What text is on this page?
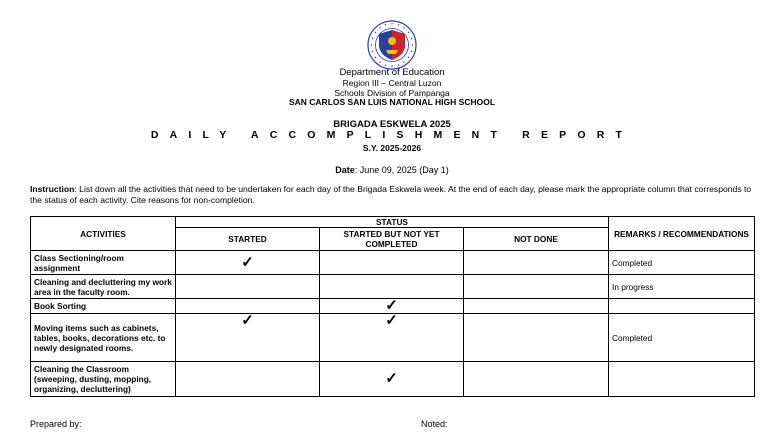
Department of Education
Region III – Central Luzon
Schools Division of Pampanga
SAN CARLOS SAN LUIS NATIONAL HIGH SCHOOL
BRIGADA ESKWELA 2025
DAILY ACCOMPLISHMENT REPORT
S.Y. 2025-2026
Date: June 09, 2025 (Day 1)
Instruction: List down all the activities that need to be undertaken for each day of the Brigada Eskwela week. At the end of each day, please mark the appropriate column that corresponds to the status of each activity. Cite reasons for non-completion.
ACTIVITIES	STATUS			REMARKS / RECOMMENDATIONS
	STARTED	STARTED BUT NOT YET COMPLETED	NOT DONE	
Class Sectioning/room assignment	✓			Completed
Cleaning and decluttering my work area in the faculty room.				In progress
Book Sorting		✓		
Moving items such as cabinets, tables, books, decorations etc. to newly designated rooms.	✓	✓		Completed
Cleaning the Classroom (sweeping, dusting, mopping, organizing, decluttering)		✓		
Prepared by:	Noted:
